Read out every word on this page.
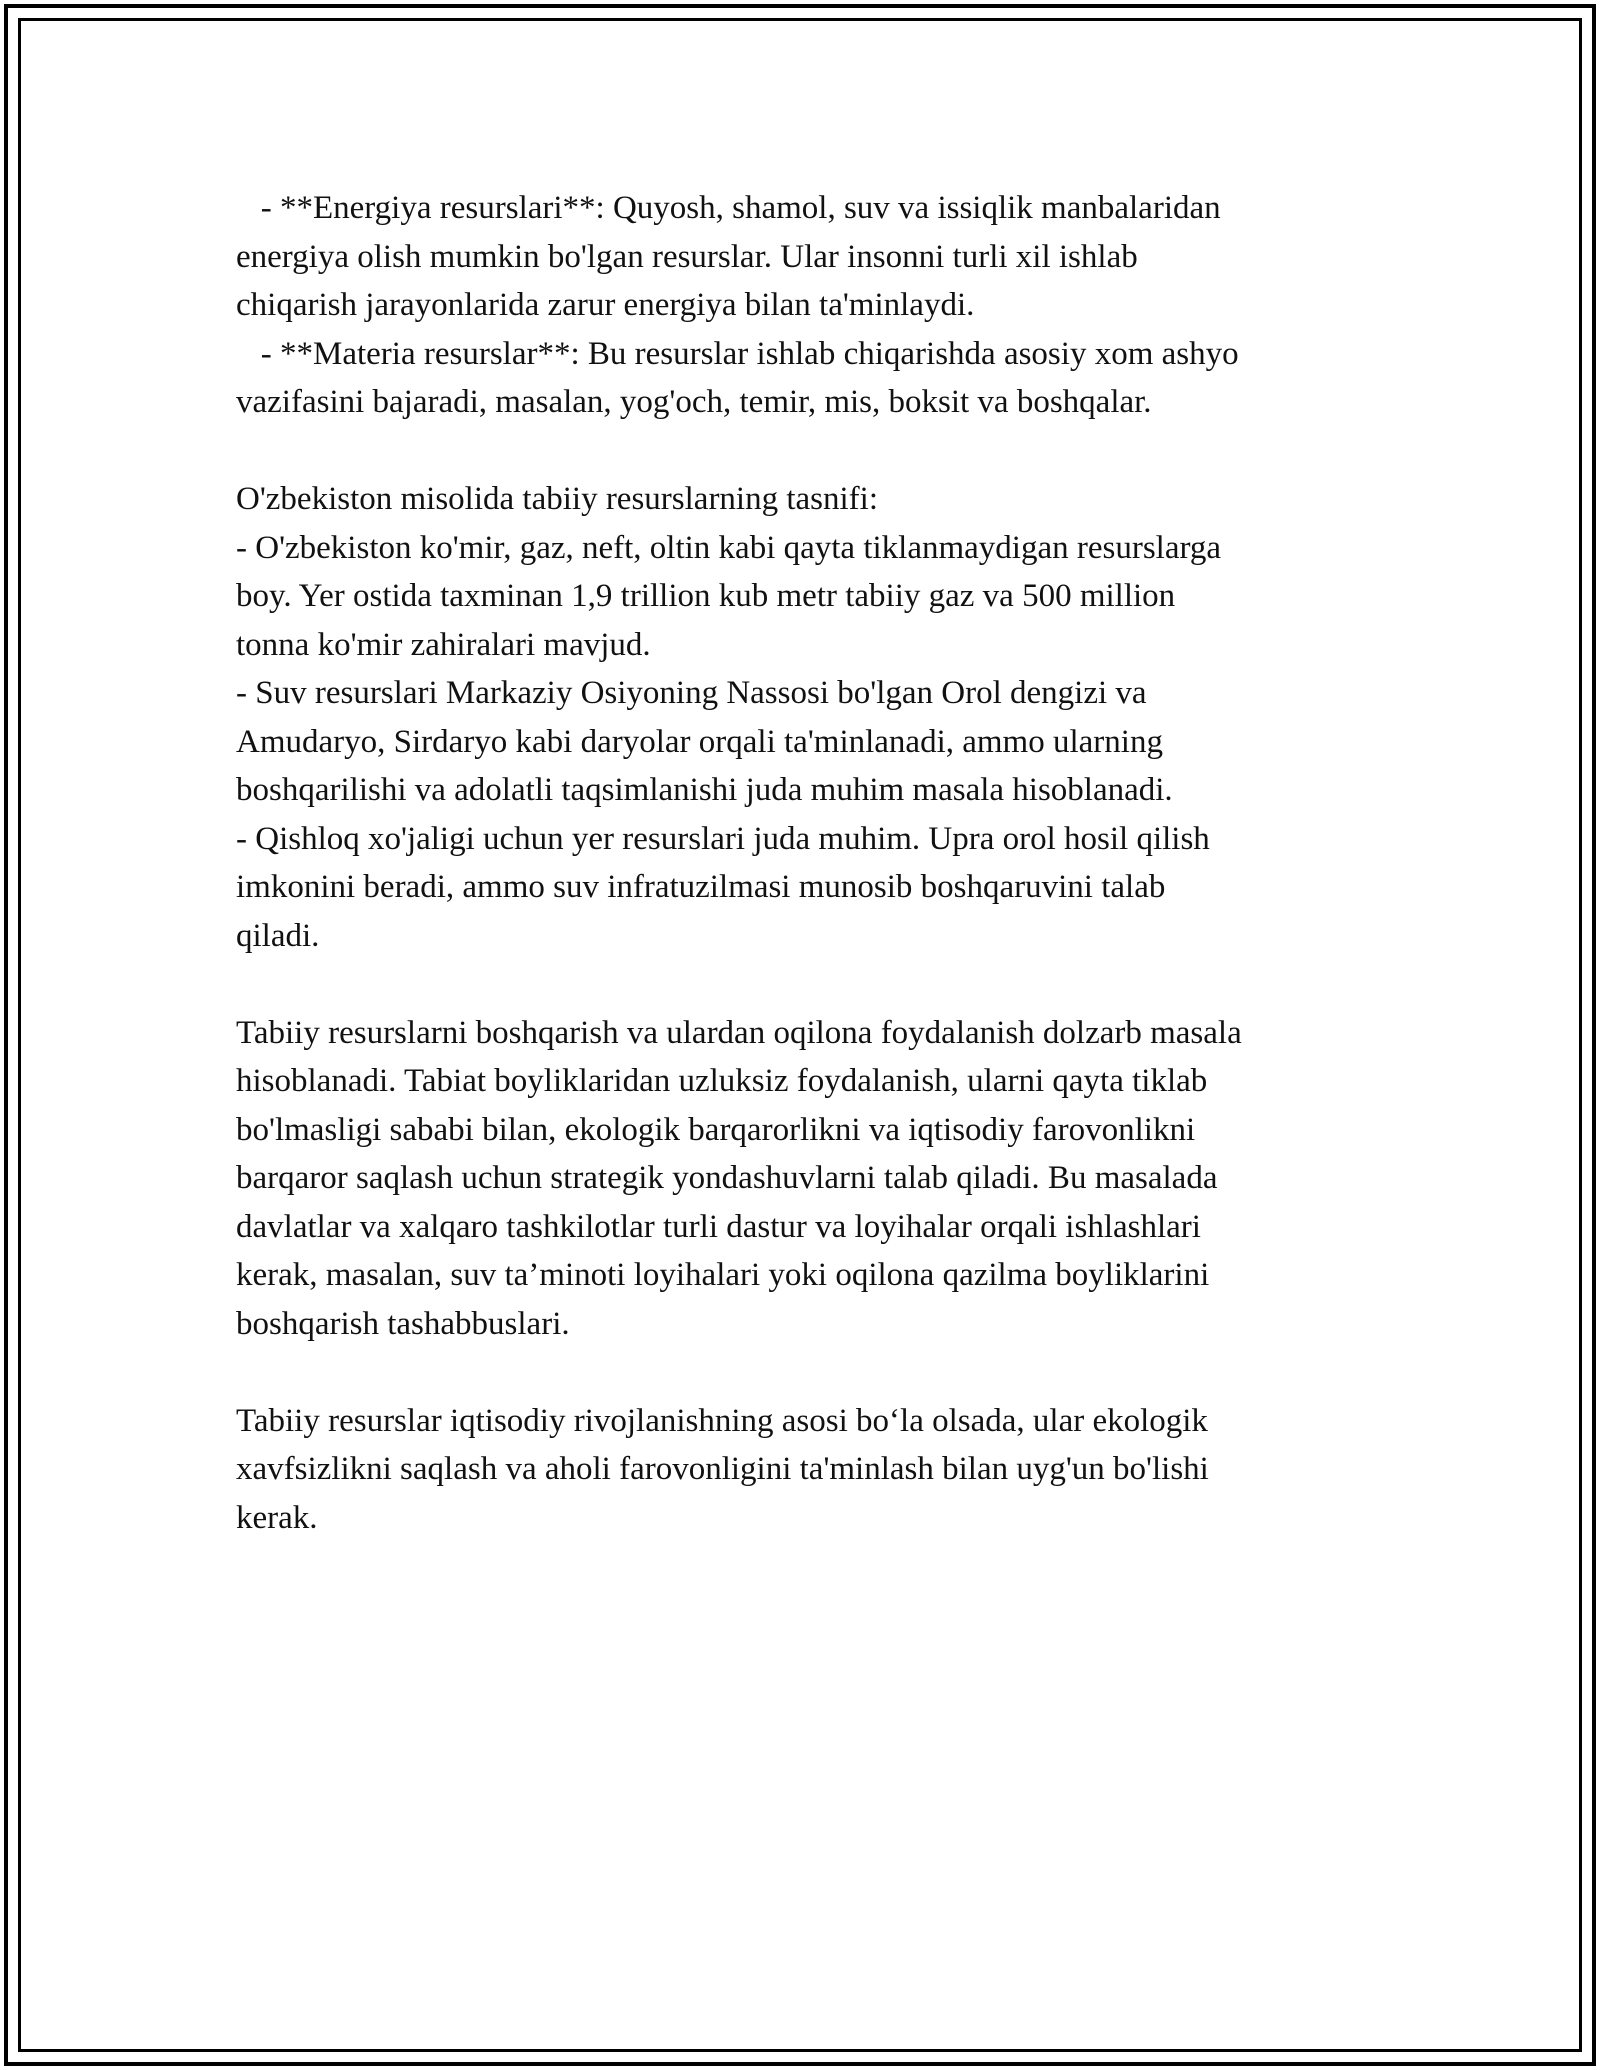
- **Energiya resurslari**: Quyosh, shamol, suv va issiqlik manbalaridan
energiya olish mumkin bo'lgan resurslar. Ular insonni turli xil ishlab
chiqarish jarayonlarida zarur energiya bilan ta'minlaydi.
- **Materia resurslar**: Bu resurslar ishlab chiqarishda asosiy xom ashyo
vazifasini bajaradi, masalan, yog'och, temir, mis, boksit va boshqalar.
O'zbekiston misolida tabiiy resurslarning tasnifi:
- O'zbekiston ko'mir, gaz, neft, oltin kabi qayta tiklanmaydigan resurslarga
boy. Yer ostida taxminan 1,9 trillion kub metr tabiiy gaz va 500 million
tonna ko'mir zahiralari mavjud.
- Suv resurslari Markaziy Osiyoning Nassosi bo'lgan Orol dengizi va
Amudaryo, Sirdaryo kabi daryolar orqali ta'minlanadi, ammo ularning
boshqarilishi va adolatli taqsimlanishi juda muhim masala hisoblanadi.
- Qishloq xo'jaligi uchun yer resurslari juda muhim. Upra orol hosil qilish
imkonini beradi, ammo suv infratuzilmasi munosib boshqaruvini talab
qiladi.
Tabiiy resurslarni boshqarish va ulardan oqilona foydalanish dolzarb masala
hisoblanadi. Tabiat boyliklaridan uzluksiz foydalanish, ularni qayta tiklab
bo'lmasligi sababi bilan, ekologik barqarorlikni va iqtisodiy farovonlikni
barqaror saqlash uchun strategik yondashuvlarni talab qiladi. Bu masalada
davlatlar va xalqaro tashkilotlar turli dastur va loyihalar orqali ishlashlari
kerak, masalan, suv ta’minoti loyihalari yoki oqilona qazilma boyliklarini
boshqarish tashabbuslari.
Tabiiy resurslar iqtisodiy rivojlanishning asosi bo‘la olsada, ular ekologik
xavfsizlikni saqlash va aholi farovonligini ta'minlash bilan uyg'un bo'lishi
kerak.
